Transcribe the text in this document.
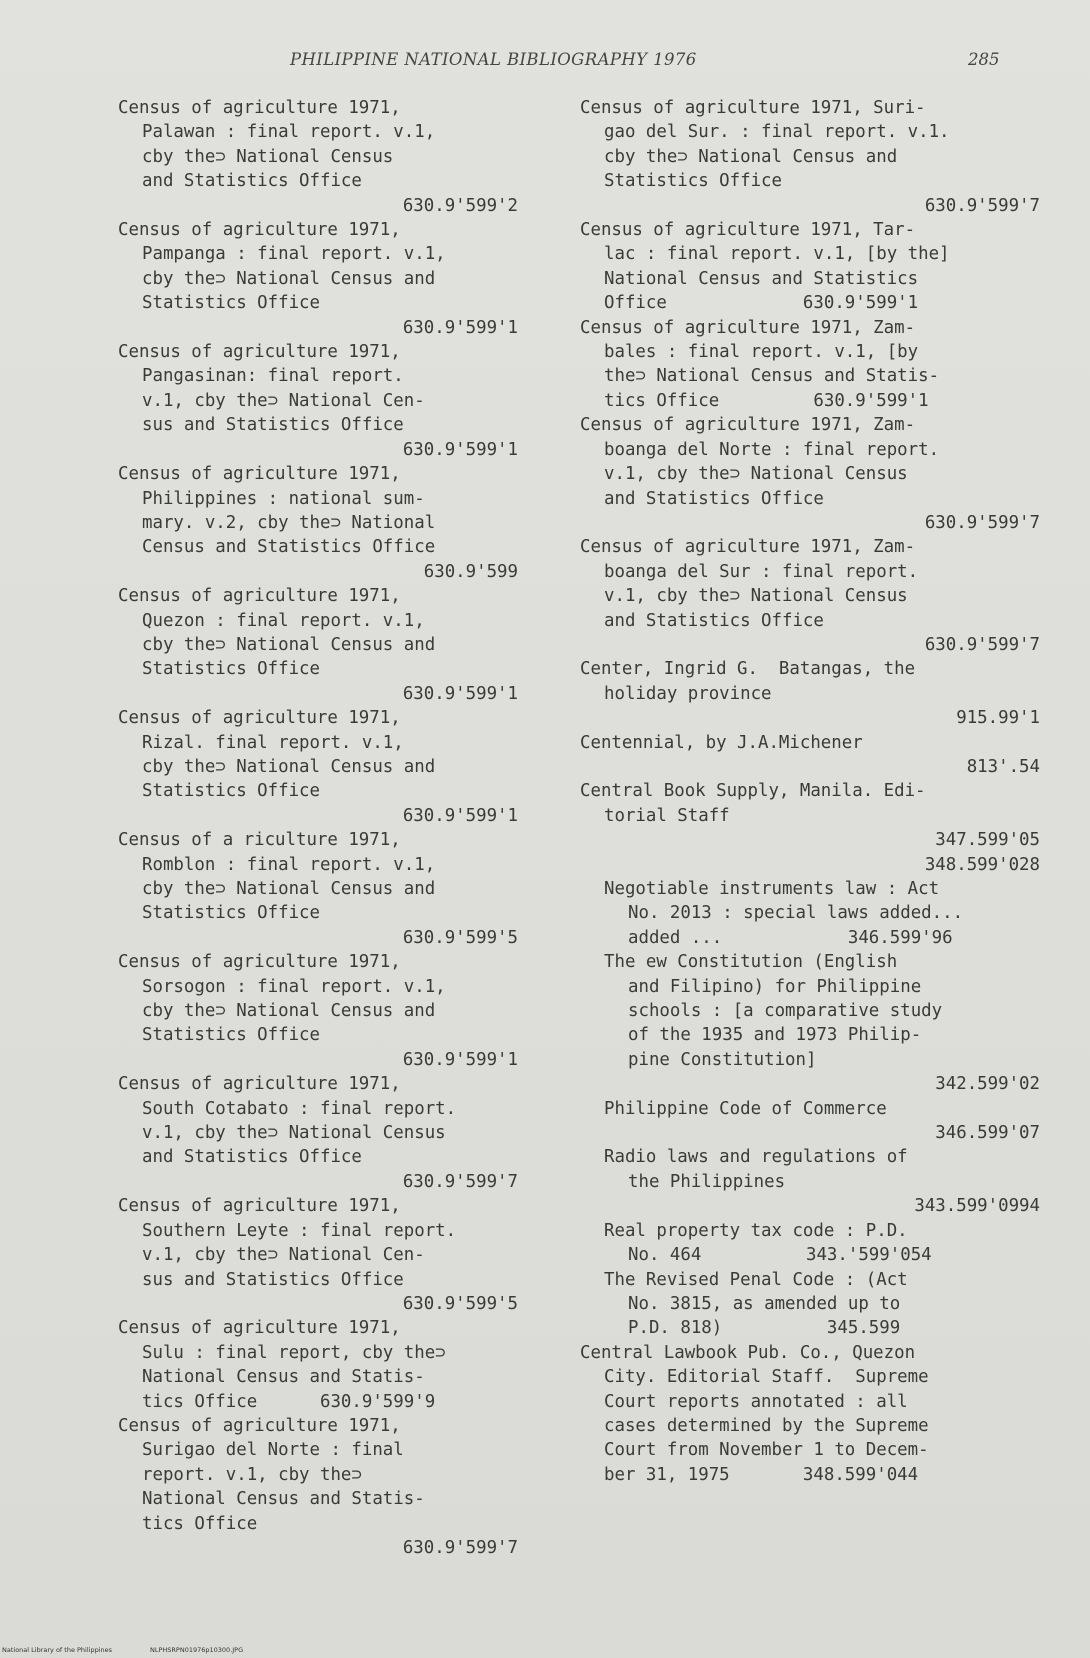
PHILIPPINE NATIONAL BIBLIOGRAPHY 1976	285
Census of agriculture 1971,
Palawan : final report. v.1,
cby the⊃ National Census
and Statistics Office
630.9'599'2
Census of agriculture 1971,
Pampanga : final report. v.1,
cby the⊃ National Census and
Statistics Office
630.9'599'1
Census of agriculture 1971,
Pangasinan: final report.
v.1, cby the⊃ National Cen-
sus and Statistics Office
630.9'599'1
Census of agriculture 1971,
Philippines : national sum-
mary. v.2, cby the⊃ National
Census and Statistics Office
630.9'599
Census of agriculture 1971,
Quezon : final report. v.1,
cby the⊃ National Census and
Statistics Office
630.9'599'1
Census of agriculture 1971,
Rizal. final report. v.1,
cby the⊃ National Census and
Statistics Office
630.9'599'1
Census of a riculture 1971,
Romblon : final report. v.1,
cby the⊃ National Census and
Statistics Office
630.9'599'5
Census of agriculture 1971,
Sorsogon : final report. v.1,
cby the⊃ National Census and
Statistics Office
630.9'599'1
Census of agriculture 1971,
South Cotabato : final report.
v.1, cby the⊃ National Census
and Statistics Office
630.9'599'7
Census of agriculture 1971,
Southern Leyte : final report.
v.1, cby the⊃ National Cen-
sus and Statistics Office
630.9'599'5
Census of agriculture 1971,
Sulu : final report, cby the⊃
National Census and Statis-
tics Office      630.9'599'9
Census of agriculture 1971,
Surigao del Norte : final
report. v.1, cby the⊃
National Census and Statis-
tics Office
630.9'599'7
Census of agriculture 1971, Suri-
gao del Sur. : final report. v.1.
cby the⊃ National Census and
Statistics Office
630.9'599'7
Census of agriculture 1971, Tar-
lac : final report. v.1, [by the]
National Census and Statistics
Office             630.9'599'1
Census of agriculture 1971, Zam-
bales : final report. v.1, [by
the⊃ National Census and Statis-
tics Office         630.9'599'1
Census of agriculture 1971, Zam-
boanga del Norte : final report.
v.1, cby the⊃ National Census
and Statistics Office
630.9'599'7
Census of agriculture 1971, Zam-
boanga del Sur : final report.
v.1, cby the⊃ National Census
and Statistics Office
630.9'599'7
Center, Ingrid G.  Batangas, the
holiday province
915.99'1
Centennial, by J.A.Michener
813'.54
Central Book Supply, Manila. Edi-
torial Staff
347.599'05
348.599'028
Negotiable instruments law : Act
No. 2013 : special laws added...
added ...            346.599'96
The ew Constitution (English
and Filipino) for Philippine
schools : [a comparative study
of the 1935 and 1973 Philip-
pine Constitution]
342.599'02
Philippine Code of Commerce
346.599'07
Radio laws and regulations of
the Philippines
343.599'0994
Real property tax code : P.D.
No. 464          343.'599'054
The Revised Penal Code : (Act
No. 3815, as amended up to
P.D. 818)          345.599
Central Lawbook Pub. Co., Quezon
City. Editorial Staff.  Supreme
Court reports annotated : all
cases determined by the Supreme
Court from November 1 to Decem-
ber 31, 1975       348.599'044
National Library of the Philippines	NLPHSRPN01976p10300.JPG
